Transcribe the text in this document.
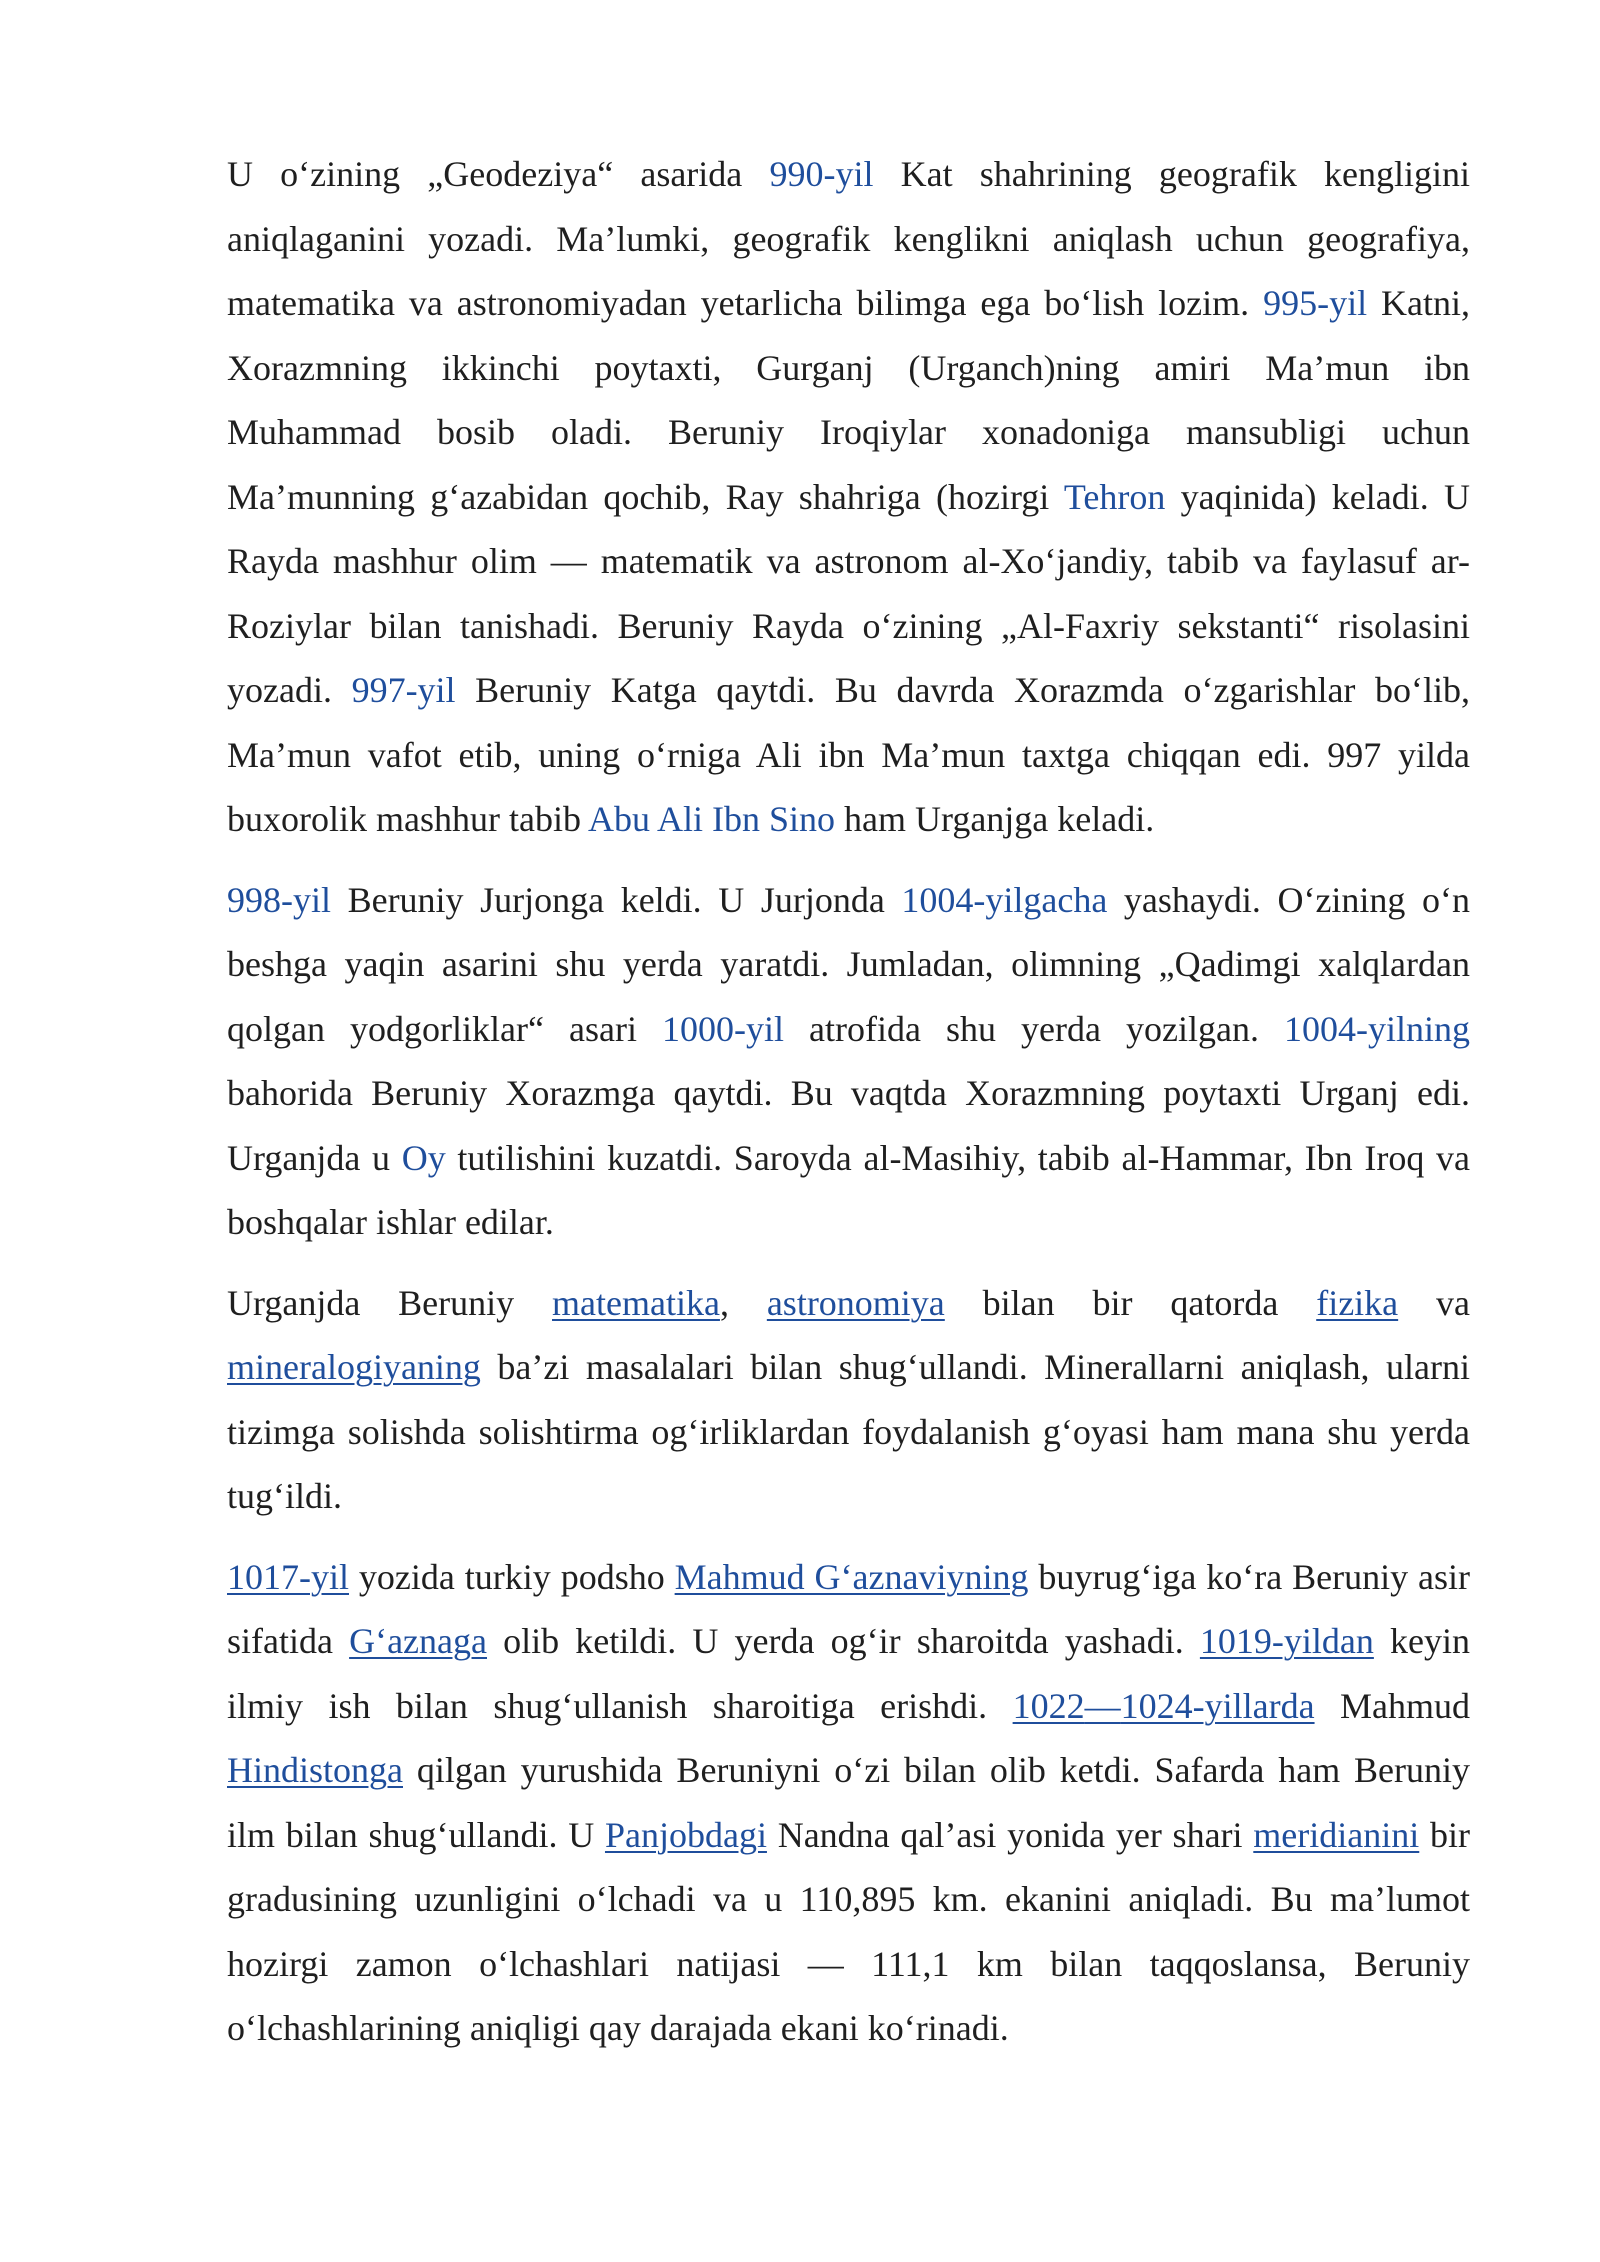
U o‘zining „Geodeziya“ asarida 990-yil Kat shahrining geografik kengligini aniqlaganini yozadi. Ma’lumki, geografik kenglikni aniqlash uchun geografiya, matematika va astronomiyadan yetarlicha bilimga ega bo‘lish lozim. 995-yil Katni, Xorazmning ikkinchi poytaxti, Gurganj (Urganch)ning amiri Ma’mun ibn Muhammad bosib oladi. Beruniy Iroqiylar xonadoniga mansubligi uchun Ma’munning g‘azabidan qochib, Ray shahriga (hozirgi Tehron yaqinida) keladi. U Rayda mashhur olim — matematik va astronom al-Xo‘jandiy, tabib va faylasuf ar-Roziylar bilan tanishadi. Beruniy Rayda o‘zining „Al-Faxriy sekstanti“ risolasini yozadi. 997-yil Beruniy Katga qaytdi. Bu davrda Xorazmda o‘zgarishlar bo‘lib, Ma’mun vafot etib, uning o‘rniga Ali ibn Ma’mun taxtga chiqqan edi. 997 yilda buxorolik mashhur tabib Abu Ali Ibn Sino ham Urganjga keladi.

998-yil Beruniy Jurjonga keldi. U Jurjonda 1004-yilgacha yashaydi. O‘zining o‘n beshga yaqin asarini shu yerda yaratdi. Jumladan, olimning „Qadimgi xalqlardan qolgan yodgorliklar“ asari 1000-yil atrofida shu yerda yozilgan. 1004-yilning bahorida Beruniy Xorazmga qaytdi. Bu vaqtda Xorazmning poytaxti Urganj edi. Urganjda u Oy tutilishini kuzatdi. Saroyda al-Masihiy, tabib al-Hammar, Ibn Iroq va boshqalar ishlar edilar.

Urganjda Beruniy matematika, astronomiya bilan bir qatorda fizika va mineralogiyaning ba’zi masalalari bilan shug‘ullandi. Minerallarni aniqlash, ularni tizimga solishda solishtirma og‘irliklardan foydalanish g‘oyasi ham mana shu yerda tug‘ildi.

1017-yil yozida turkiy podsho Mahmud G‘aznaviyning buyrug‘iga ko‘ra Beruniy asir sifatida G‘aznaga olib ketildi. U yerda og‘ir sharoitda yashadi. 1019-yildan keyin ilmiy ish bilan shug‘ullanish sharoitiga erishdi. 1022—1024-yillarda Mahmud Hindistonga qilgan yurushida Beruniyni o‘zi bilan olib ketdi. Safarda ham Beruniy ilm bilan shug‘ullandi. U Panjobdagi Nandna qal’asi yonida yer shari meridianini bir gradusining uzunligini o‘lchadi va u 110,895 km. ekanini aniqladi. Bu ma’lumot hozirgi zamon o‘lchashlari natijasi — 111,1 km bilan taqqoslansa, Beruniy o‘lchashlarining aniqligi qay darajada ekani ko‘rinadi.
